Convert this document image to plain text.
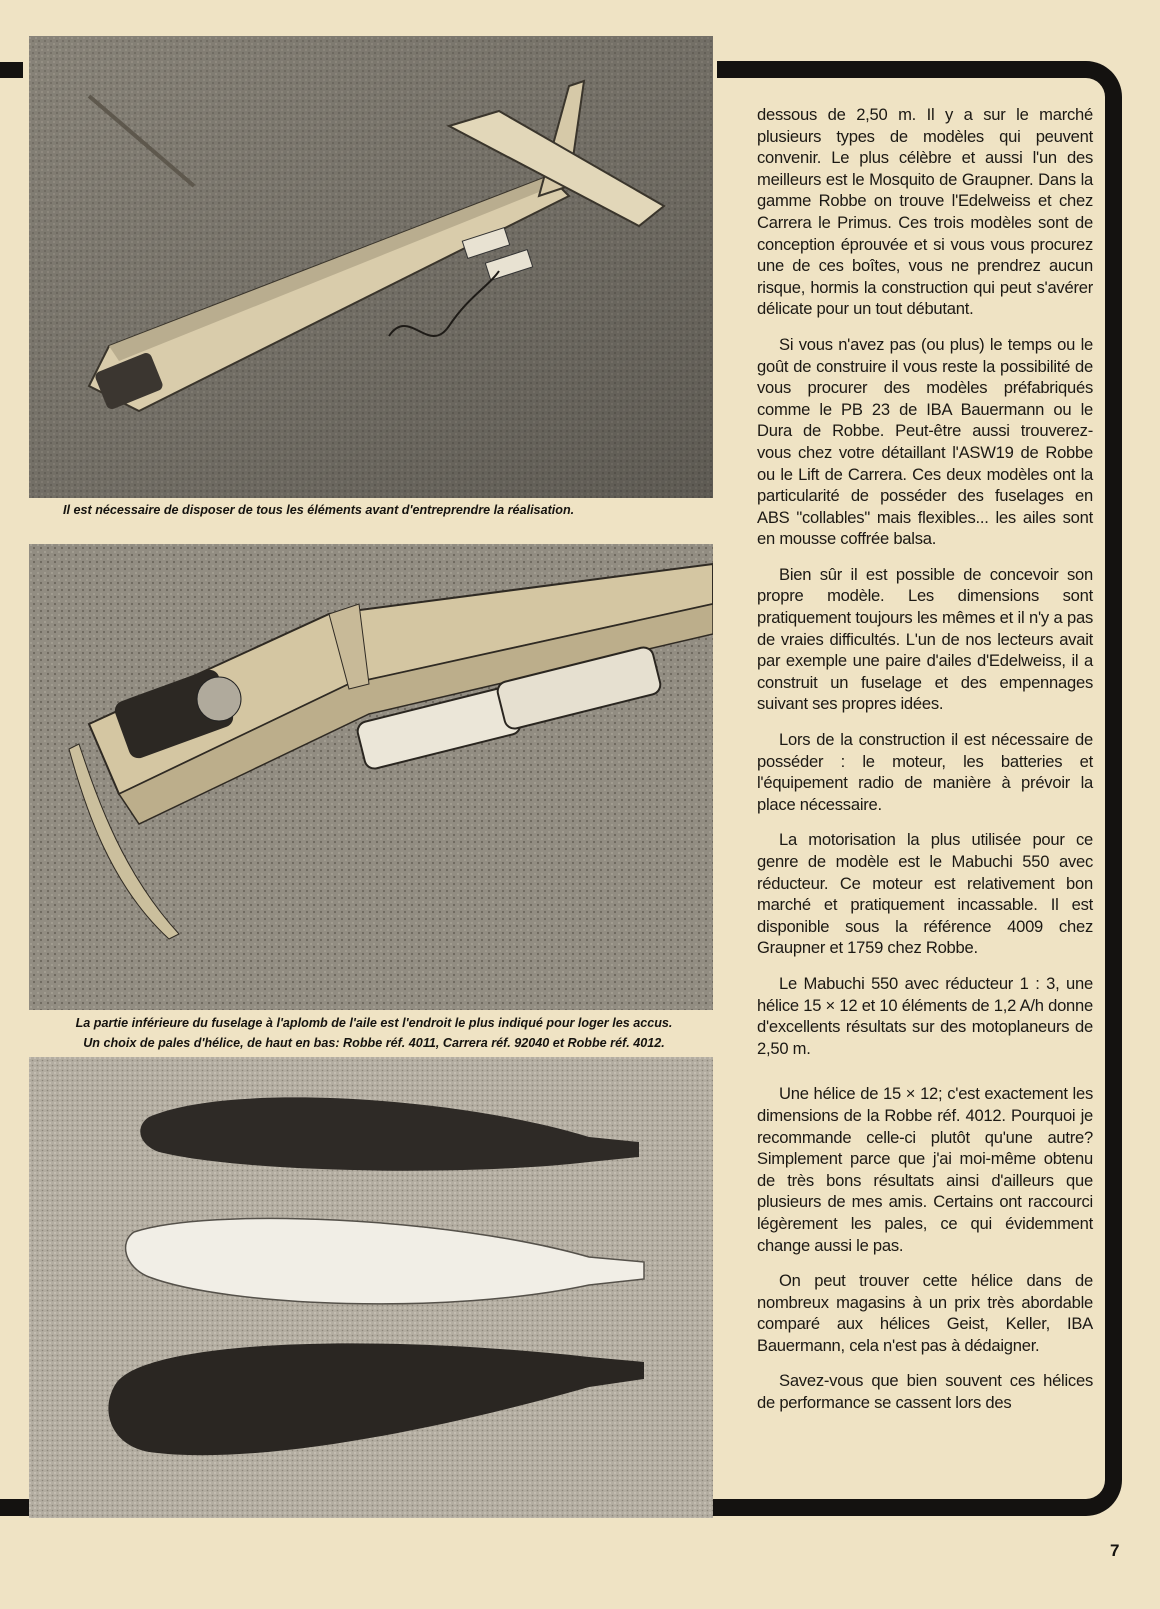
Il est nécessaire de disposer de tous les éléments avant d'entreprendre la réalisation.
La partie inférieure du fuselage à l'aplomb de l'aile est l'endroit le plus indiqué pour loger les accus.
Un choix de pales d'hélice, de haut en bas: Robbe réf. 4011, Carrera réf. 92040 et Robbe réf. 4012.

dessous de 2,50 m. Il y a sur le marché plusieurs types de modèles qui peuvent convenir. Le plus célèbre et aussi l'un des meilleurs est le Mosquito de Graupner. Dans la gamme Robbe on trouve l'Edelweiss et chez Carrera le Primus. Ces trois modèles sont de conception éprouvée et si vous vous procurez une de ces boîtes, vous ne prendrez aucun risque, hormis la construction qui peut s'avérer délicate pour un tout débutant.

Si vous n'avez pas (ou plus) le temps ou le goût de construire il vous reste la possibilité de vous procurer des modèles préfabriqués comme le PB 23 de IBA Bauermann ou le Dura de Robbe. Peut-être aussi trouverez-vous chez votre détaillant l'ASW19 de Robbe ou le Lift de Carrera. Ces deux modèles ont la particularité de posséder des fuselages en ABS "collables" mais flexibles... les ailes sont en mousse coffrée balsa.

Bien sûr il est possible de concevoir son propre modèle. Les dimensions sont pratiquement toujours les mêmes et il n'y a pas de vraies difficultés. L'un de nos lecteurs avait par exemple une paire d'ailes d'Edelweiss, il a construit un fuselage et des empennages suivant ses propres idées.

Lors de la construction il est nécessaire de posséder : le moteur, les batteries et l'équipement radio de manière à prévoir la place nécessaire.

La motorisation la plus utilisée pour ce genre de modèle est le Mabuchi 550 avec réducteur. Ce moteur est relativement bon marché et pratiquement incassable. Il est disponible sous la référence 4009 chez Graupner et 1759 chez Robbe.

Le Mabuchi 550 avec réducteur 1 : 3, une hélice 15 × 12 et 10 éléments de 1,2 A/h donne d'excellents résultats sur des motoplaneurs de 2,50 m.

Une hélice de 15 × 12; c'est exactement les dimensions de la Robbe réf. 4012. Pourquoi je recommande celle-ci plutôt qu'une autre? Simplement parce que j'ai moi-même obtenu de très bons résultats ainsi d'ailleurs que plusieurs de mes amis. Certains ont raccourci légèrement les pales, ce qui évidemment change aussi le pas.

On peut trouver cette hélice dans de nombreux magasins à un prix très abordable comparé aux hélices Geist, Keller, IBA Bauermann, cela n'est pas à dédaigner.

Savez-vous que bien souvent ces hélices de performance se cassent lors des

7
